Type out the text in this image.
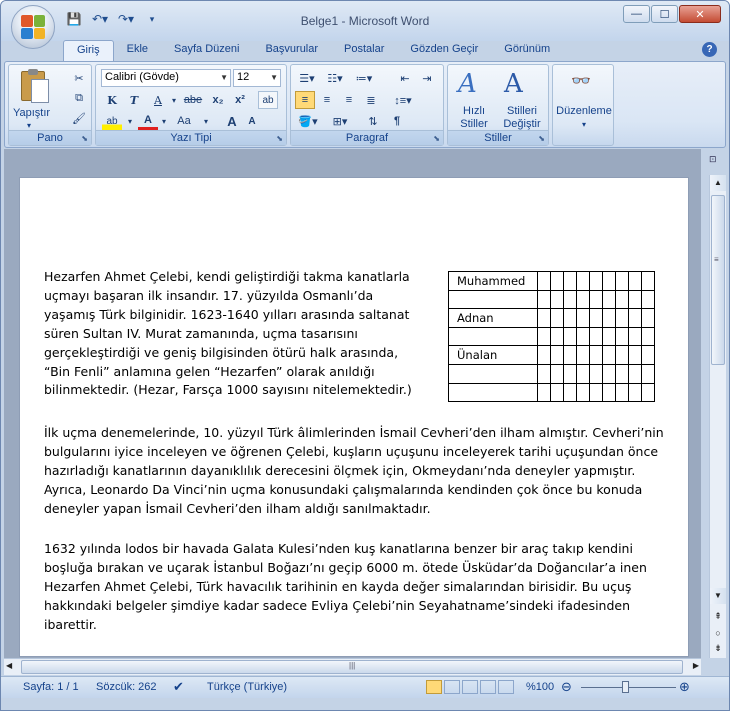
💾 ↶▾ ↷▾	▾	Belge1 - Microsoft Word	—	☐	✕
Giriş	Ekle	Sayfa Düzeni	Başvurular	Postalar	Gözden Geçir	Görünüm	?
Yapıştır
▾
✂
⧉
🖌
Pano	⬊
Calibri (Gövde)	▼ 12	▼
K	T	A	▾ abe x₂	x²	ab
ab	▾	A	▾	Aa	▾	A	A
Yazı Tipi	⬊
☰▾	☷▾	≔▾	⇤	⇥
≡	≡	≡	≣	↕≡▾
🪣▾	⊞▾	⇅	¶
Paragraf	⬊
A
Hızlı
Stiller
A
Stilleri
Değiştir
Stiller	⬊
👓
Düzenleme
▾
⊡
Hezarfen Ahmet Çelebi, kendi geliştirdiği takma kanatlarla uçmayı başaran ilk insandır. 17. yüzyılda Osmanlı’da yaşamış Türk bilginidir. 1623-1640 yılları arasında saltanat süren Sultan IV. Murat zamanında, uçma tasarısını gerçekleştirdiği ve geniş bilgisinden ötürü halk arasında, “Bin Fenli” anlamına gelen “Hezarfen” olarak anıldığı bilinmektedir. (Hezar, Farsça 1000 sayısını nitelemektedir.)
Muhammed									

Adnan									

Ünalan									

İlk uçma denemelerinde, 10. yüzyıl Türk âlimlerinden İsmail Cevheri’den ilham almıştır. Cevheri’nin bulgularını iyice inceleyen ve öğrenen Çelebi, kuşların uçuşunu inceleyerek tarihi uçuşundan önce hazırladığı kanatlarının dayanıklılık derecesini ölçmek için, Okmeydanı’nda deneyler yapmıştır. Ayrıca, Leonardo Da Vinci’nin uçma konusundaki çalışmalarında kendinden çok önce bu konuda deneyler yapan İsmail Cevheri’den ilham aldığı sanılmaktadır.
1632 yılında lodos bir havada Galata Kulesi’nden kuş kanatlarına benzer bir araç takıp kendini boşluğa bırakan ve uçarak İstanbul Boğazı’nı geçip 6000 m. ötede Üsküdar’da Doğancılar’a inen Hezarfen Ahmet Çelebi, Türk havacılık tarihinin en kayda değer simalarından birisidir. Bu uçuş hakkındaki belgeler şimdiye kadar sadece Evliya Çelebi’nin Seyahatname’sindeki ifadesinden ibarettir.
▲
≡
▼
⇞
○
⇟
◀	|||	▶
Sayfa: 1 / 1 Sözcük: 262 ✔ Türkçe (Türkiye)	%100 ⊖	⊕
